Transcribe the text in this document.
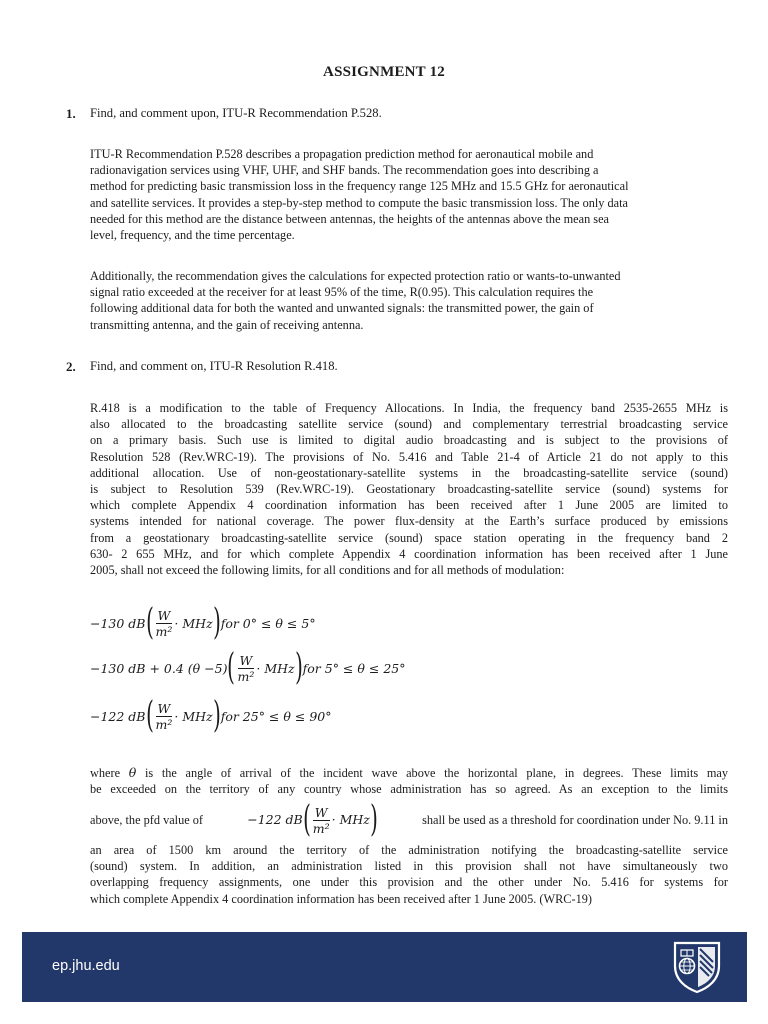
ASSIGNMENT 12
1. Find, and comment upon, ITU-R Recommendation P.528.
ITU-R Recommendation P.528 describes a propagation prediction method for aeronautical mobile and
radionavigation services using VHF, UHF, and SHF bands. The recommendation goes into describing a
method for predicting basic transmission loss in the frequency range 125 MHz and 15.5 GHz for aeronautical
and satellite services. It provides a step-by-step method to compute the basic transmission loss. The only data
needed for this method are the distance between antennas, the heights of the antennas above the mean sea
level, frequency, and the time percentage.
Additionally, the recommendation gives the calculations for expected protection ratio or wants-to-unwanted
signal ratio exceeded at the receiver for at least 95% of the time, R(0.95). This calculation requires the
following additional data for both the wanted and unwanted signals: the transmitted power, the gain of
transmitting antenna, and the gain of receiving antenna.
2. Find, and comment on, ITU-R Resolution R.418.
R.418 is a modification to the table of Frequency Allocations. In India, the frequency band 2535-2655 MHz is
also allocated to the broadcasting satellite service (sound) and complementary terrestrial broadcasting service
on a primary basis. Such use is limited to digital audio broadcasting and is subject to the provisions of
Resolution 528 (Rev.WRC-19). The provisions of No. 5.416 and Table 21-4 of Article 21 do not apply to this
additional allocation. Use of non-geostationary-satellite systems in the broadcasting-satellite service (sound)
is subject to Resolution 539 (Rev.WRC-19). Geostationary broadcasting-satellite service (sound) systems for
which complete Appendix 4 coordination information has been received after 1 June 2005 are limited to
systems intended for national coverage. The power flux-density at the Earth’s surface produced by emissions
from a geostationary broadcasting-satellite service (sound) space station operating in the frequency band 2
630- 2 655 MHz, and for which complete Appendix 4 coordination information has been received after 1 June
2005, shall not exceed the following limits, for all conditions and for all methods of modulation:
−130 dB ( $\frac{W}{\text{m²}}$ · MHz ) for 0° ≤ θ ≤ 5°
−130 dB + 0.4 (θ −5) ( $\frac{W}{\text{m²}}$ · MHz ) for 5° ≤ θ ≤ 25°
−122 dB ( $\frac{W}{\text{m²}}$ · MHz ) for 25° ≤ θ ≤ 90°
where θ is the angle of arrival of the incident wave above the horizontal plane, in degrees. These limits may
be exceeded on the territory of any country whose administration has so agreed. As an exception to the limits
above, the pfd value of	−122 dB ( $\frac{W}{\text{m²}}$ · MHz )	shall be used as a threshold for coordination under No. 9.11 in
an area of 1500 km around the territory of the administration notifying the broadcasting-satellite service
(sound) system. In addition, an administration listed in this provision shall not have simultaneously two
overlapping frequency assignments, one under this provision and the other under No. 5.416 for systems for
which complete Appendix 4 coordination information has been received after 1 June 2005. (WRC-19)
ep.jhu.edu
